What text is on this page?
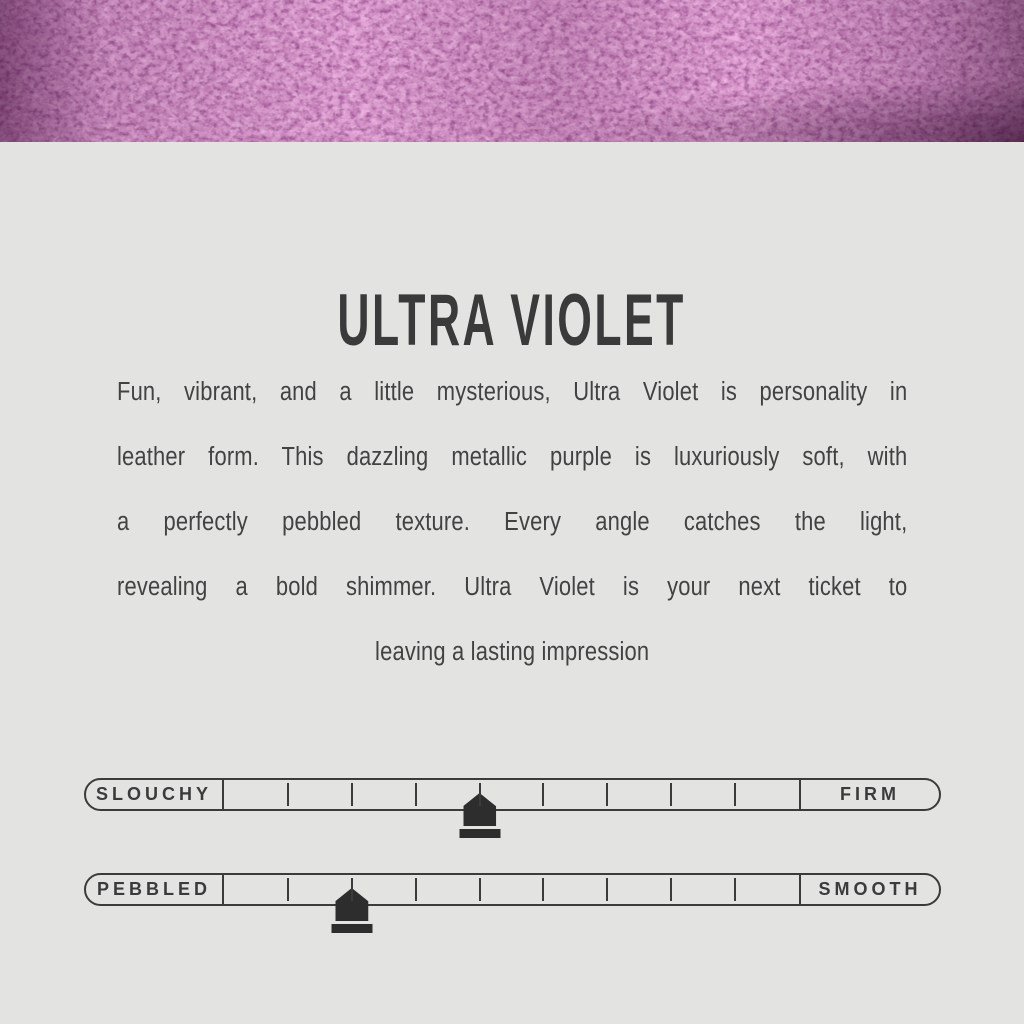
ULTRA VIOLET
Fun, vibrant, and a little mysterious, Ultra Violet is personality in
leather form. This dazzling metallic purple is luxuriously soft, with
a perfectly pebbled texture. Every angle catches the light,
revealing a bold shimmer. Ultra Violet is your next ticket to
leaving a lasting impression
SLOUCHY	FIRM
PEBBLED	SMOOTH
